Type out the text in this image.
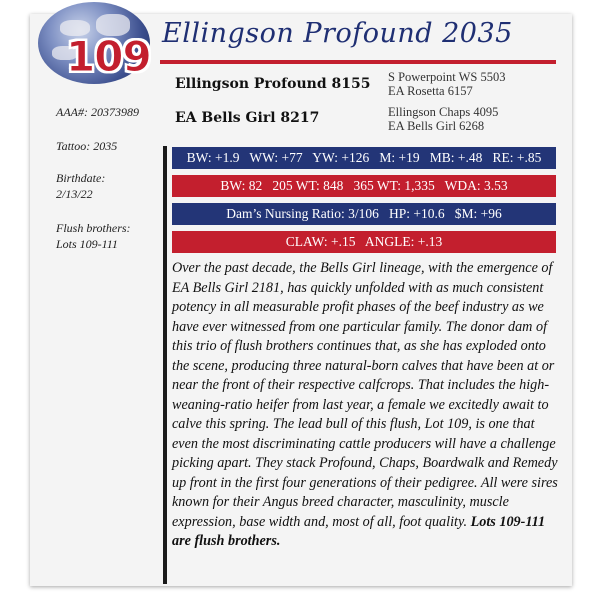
109 Ellingson Profound 2035
Ellingson Profound 8155
EA Bells Girl 8217
S Powerpoint WS 5503
EA Rosetta 6157
Ellingson Chaps 4095
EA Bells Girl 6268
AAA#: 20373989
Tattoo: 2035
Birthdate:
2/13/22
Flush brothers:
Lots 109-111
BW: +1.9   WW: +77   YW: +126   M: +19   MB: +.48   RE: +.85
BW: 82   205 WT: 848   365 WT: 1,335   WDA: 3.53
Dam’s Nursing Ratio: 3/106   HP: +10.6   $M: +96
CLAW: +.15   ANGLE: +.13
Over the past decade, the Bells Girl lineage, with the emergence of EA Bells Girl 2181, has quickly unfolded with as much consistent potency in all measurable profit phases of the beef industry as we have ever witnessed from one particular family. The donor dam of this trio of flush brothers continues that, as she has exploded onto the scene, producing three natural-born calves that have been at or near the front of their respective calfcrops. That includes the high-weaning-ratio heifer from last year, a female we excitedly await to calve this spring. The lead bull of this flush, Lot 109, is one that even the most discriminating cattle producers will have a challenge picking apart. They stack Profound, Chaps, Boardwalk and Remedy up front in the first four generations of their pedigree. All were sires known for their Angus breed character, masculinity, muscle expression, base width and, most of all, foot quality. Lots 109-111 are flush brothers.
